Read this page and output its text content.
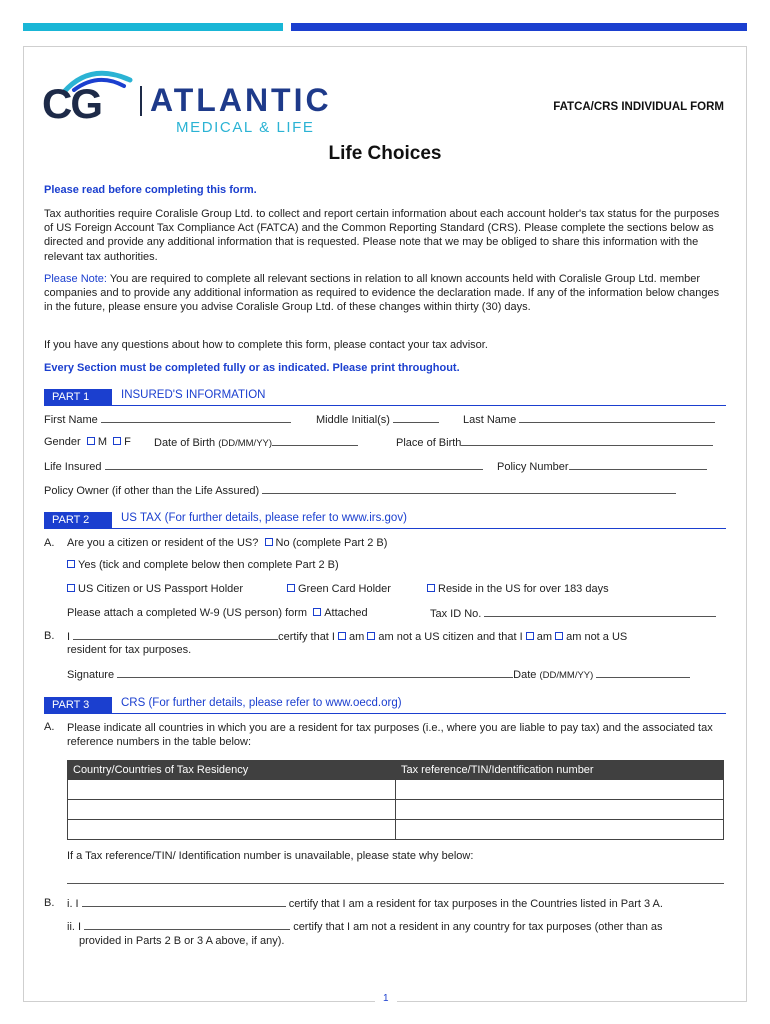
CG ATLANTIC
MEDICAL & LIFE
FATCA/CRS INDIVIDUAL FORM
Life Choices
Please read before completing this form.
Tax authorities require Coralisle Group Ltd. to collect and report certain information about each account holder's tax status for the purposes of US Foreign Account Tax Compliance Act (FATCA) and the Common Reporting Standard (CRS). Please complete the sections below as directed and provide any additional information that is requested. Please note that we may be obliged to share this information with the relevant tax authorities.
Please Note: You are required to complete all relevant sections in relation to all known accounts held with Coralisle Group Ltd. member companies and to provide any additional information as required to evidence the declaration made. If any of the information below changes in the future, please ensure you advise Coralisle Group Ltd. of these changes within thirty (30) days.
If you have any questions about how to complete this form, please contact your tax advisor.
Every Section must be completed fully or as indicated. Please print throughout.
PART 1	INSURED'S INFORMATION
First Name	Middle Initial(s)	Last Name
Gender M F Date of Birth (DD/MM/YY)	Place of Birth
Life Insured	Policy Number
Policy Owner (if other than the Life Assured)
PART 2	US TAX (For further details, please refer to www.irs.gov)
A. Are you a citizen or resident of the US? No (complete Part 2 B)
Yes (tick and complete below then complete Part 2 B)
US Citizen or US Passport Holder	Green Card Holder	Reside in the US for over 183 days
Please attach a completed W-9 (US person) form Attached	Tax ID No.
B. I	certify that I am am not a US citizen and that I am am not a US
resident for tax purposes.
Signature	Date (DD/MM/YY)
PART 3	CRS (For further details, please refer to www.oecd.org)
A. Please indicate all countries in which you are a resident for tax purposes (i.e., where you are liable to pay tax) and the associated tax reference numbers in the table below:
Country/Countries of Tax Residency	Tax reference/TIN/Identification number

If a Tax reference/TIN/ Identification number is unavailable, please state why below:
B. i. I	certify that I am a resident for tax purposes in the Countries listed in Part 3 A.
ii. I	certify that I am not a resident in any country for tax purposes (other than as
provided in Parts 2 B or 3 A above, if any).
1
